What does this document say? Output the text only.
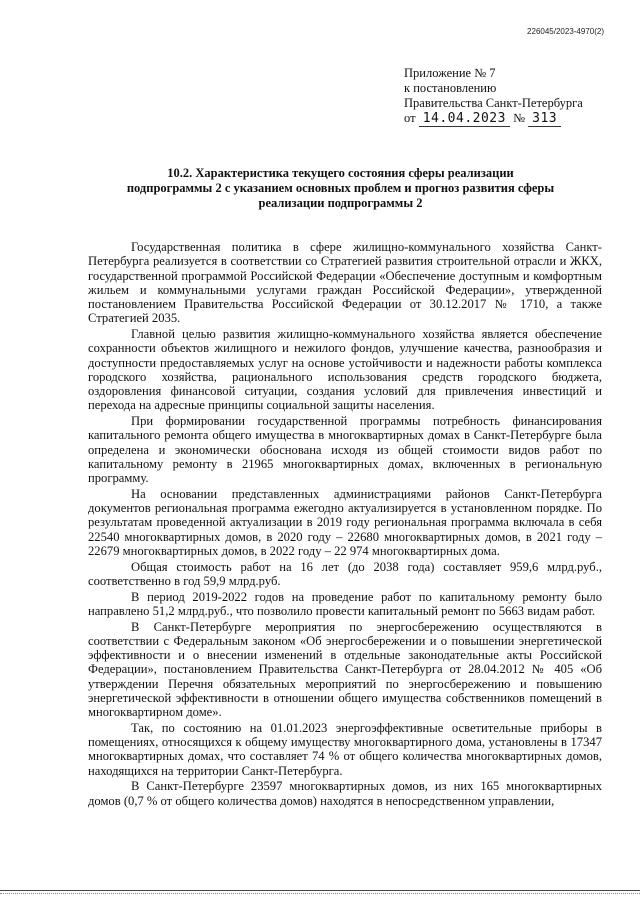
226045/2023-4970(2)
Приложение № 7
к постановлению
Правительства Санкт-Петербурга
от 14.04.2023 № 313
10.2. Характеристика текущего состояния сферы реализации
подпрограммы 2 с указанием основных проблем и прогноз развития сферы
реализации подпрограммы 2

Государственная политика в сфере жилищно-коммунального хозяйства Санкт-Петербурга реализуется в соответствии со Стратегией развития строительной отрасли и ЖКХ, государственной программой Российской Федерации «Обеспечение доступным и комфортным жильем и коммунальными услугами граждан Российской Федерации», утвержденной постановлением Правительства Российской Федерации от 30.12.2017 № 1710, а также Стратегией 2035.

Главной целью развития жилищно-коммунального хозяйства является обеспечение сохранности объектов жилищного и нежилого фондов, улучшение качества, разнообразия и доступности предоставляемых услуг на основе устойчивости и надежности работы комплекса городского хозяйства, рационального использования средств городского бюджета, оздоровления финансовой ситуации, создания условий для привлечения инвестиций и перехода на адресные принципы социальной защиты населения.

При формировании государственной программы потребность финансирования капитального ремонта общего имущества в многоквартирных домах в Санкт-Петербурге была определена и экономически обоснована исходя из общей стоимости видов работ по капитальному ремонту в 21965 многоквартирных домах, включенных в региональную программу.

На основании представленных администрациями районов Санкт-Петербурга документов региональная программа ежегодно актуализируется в установленном порядке. По результатам проведенной актуализации в 2019 году региональная программа включала в себя 22540 многоквартирных домов, в 2020 году – 22680 многоквартирных домов, в 2021 году – 22679 многоквартирных домов, в 2022 году – 22 974 многоквартирных дома.

Общая стоимость работ на 16 лет (до 2038 года) составляет 959,6 млрд.руб., соответственно в год 59,9 млрд.руб.

В период 2019-2022 годов на проведение работ по капитальному ремонту было направлено 51,2 млрд.руб., что позволило провести капитальный ремонт по 5663 видам работ.

В Санкт-Петербурге мероприятия по энергосбережению осуществляются в соответствии с Федеральным законом «Об энергосбережении и о повышении энергетической эффективности и о внесении изменений в отдельные законодательные акты Российской Федерации», постановлением Правительства Санкт-Петербурга от 28.04.2012 № 405 «Об утверждении Перечня обязательных мероприятий по энергосбережению и повышению энергетической эффективности в отношении общего имущества собственников помещений в многоквартирном доме».

Так, по состоянию на 01.01.2023 энергоэффективные осветительные приборы в помещениях, относящихся к общему имуществу многоквартирного дома, установлены в 17347 многоквартирных домах, что составляет 74 % от общего количества многоквартирных домов, находящихся на территории Санкт-Петербурга.

В Санкт-Петербурге 23597 многоквартирных домов, из них 165 многоквартирных домов (0,7 % от общего количества домов) находятся в непосредственном управлении,
